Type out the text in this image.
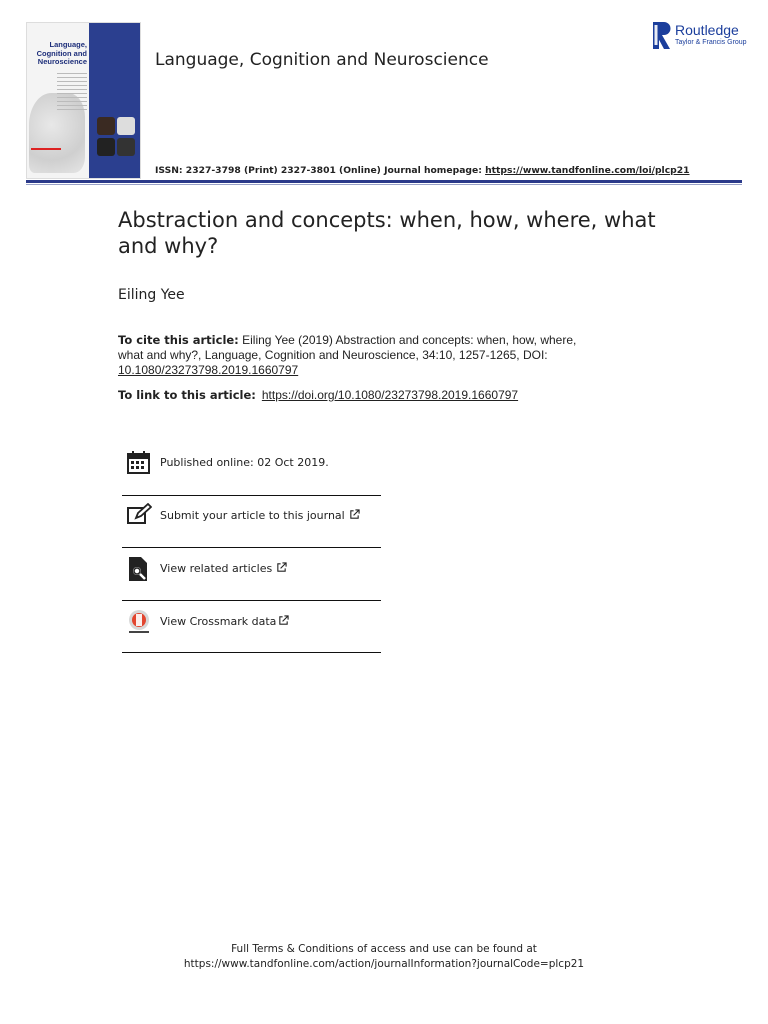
Language, Cognition and Neuroscience	Language, Cognition and Neuroscience
ISSN: 2327-3798 (Print) 2327-3801 (Online) Journal homepage: https://www.tandfonline.com/loi/plcp21
Routledge
Taylor & Francis Group
Abstraction and concepts: when, how, where, what and why?
Eiling Yee
To cite this article: Eiling Yee (2019) Abstraction and concepts: when, how, where, what and why?, Language, Cognition and Neuroscience, 34:10, 1257-1265, DOI: 10.1080/23273798.2019.1660797
To link to this article: https://doi.org/10.1080/23273798.2019.1660797
Published online: 02 Oct 2019.
Submit your article to this journal
View related articles
View Crossmark data
Full Terms & Conditions of access and use can be found at
https://www.tandfonline.com/action/journalInformation?journalCode=plcp21
